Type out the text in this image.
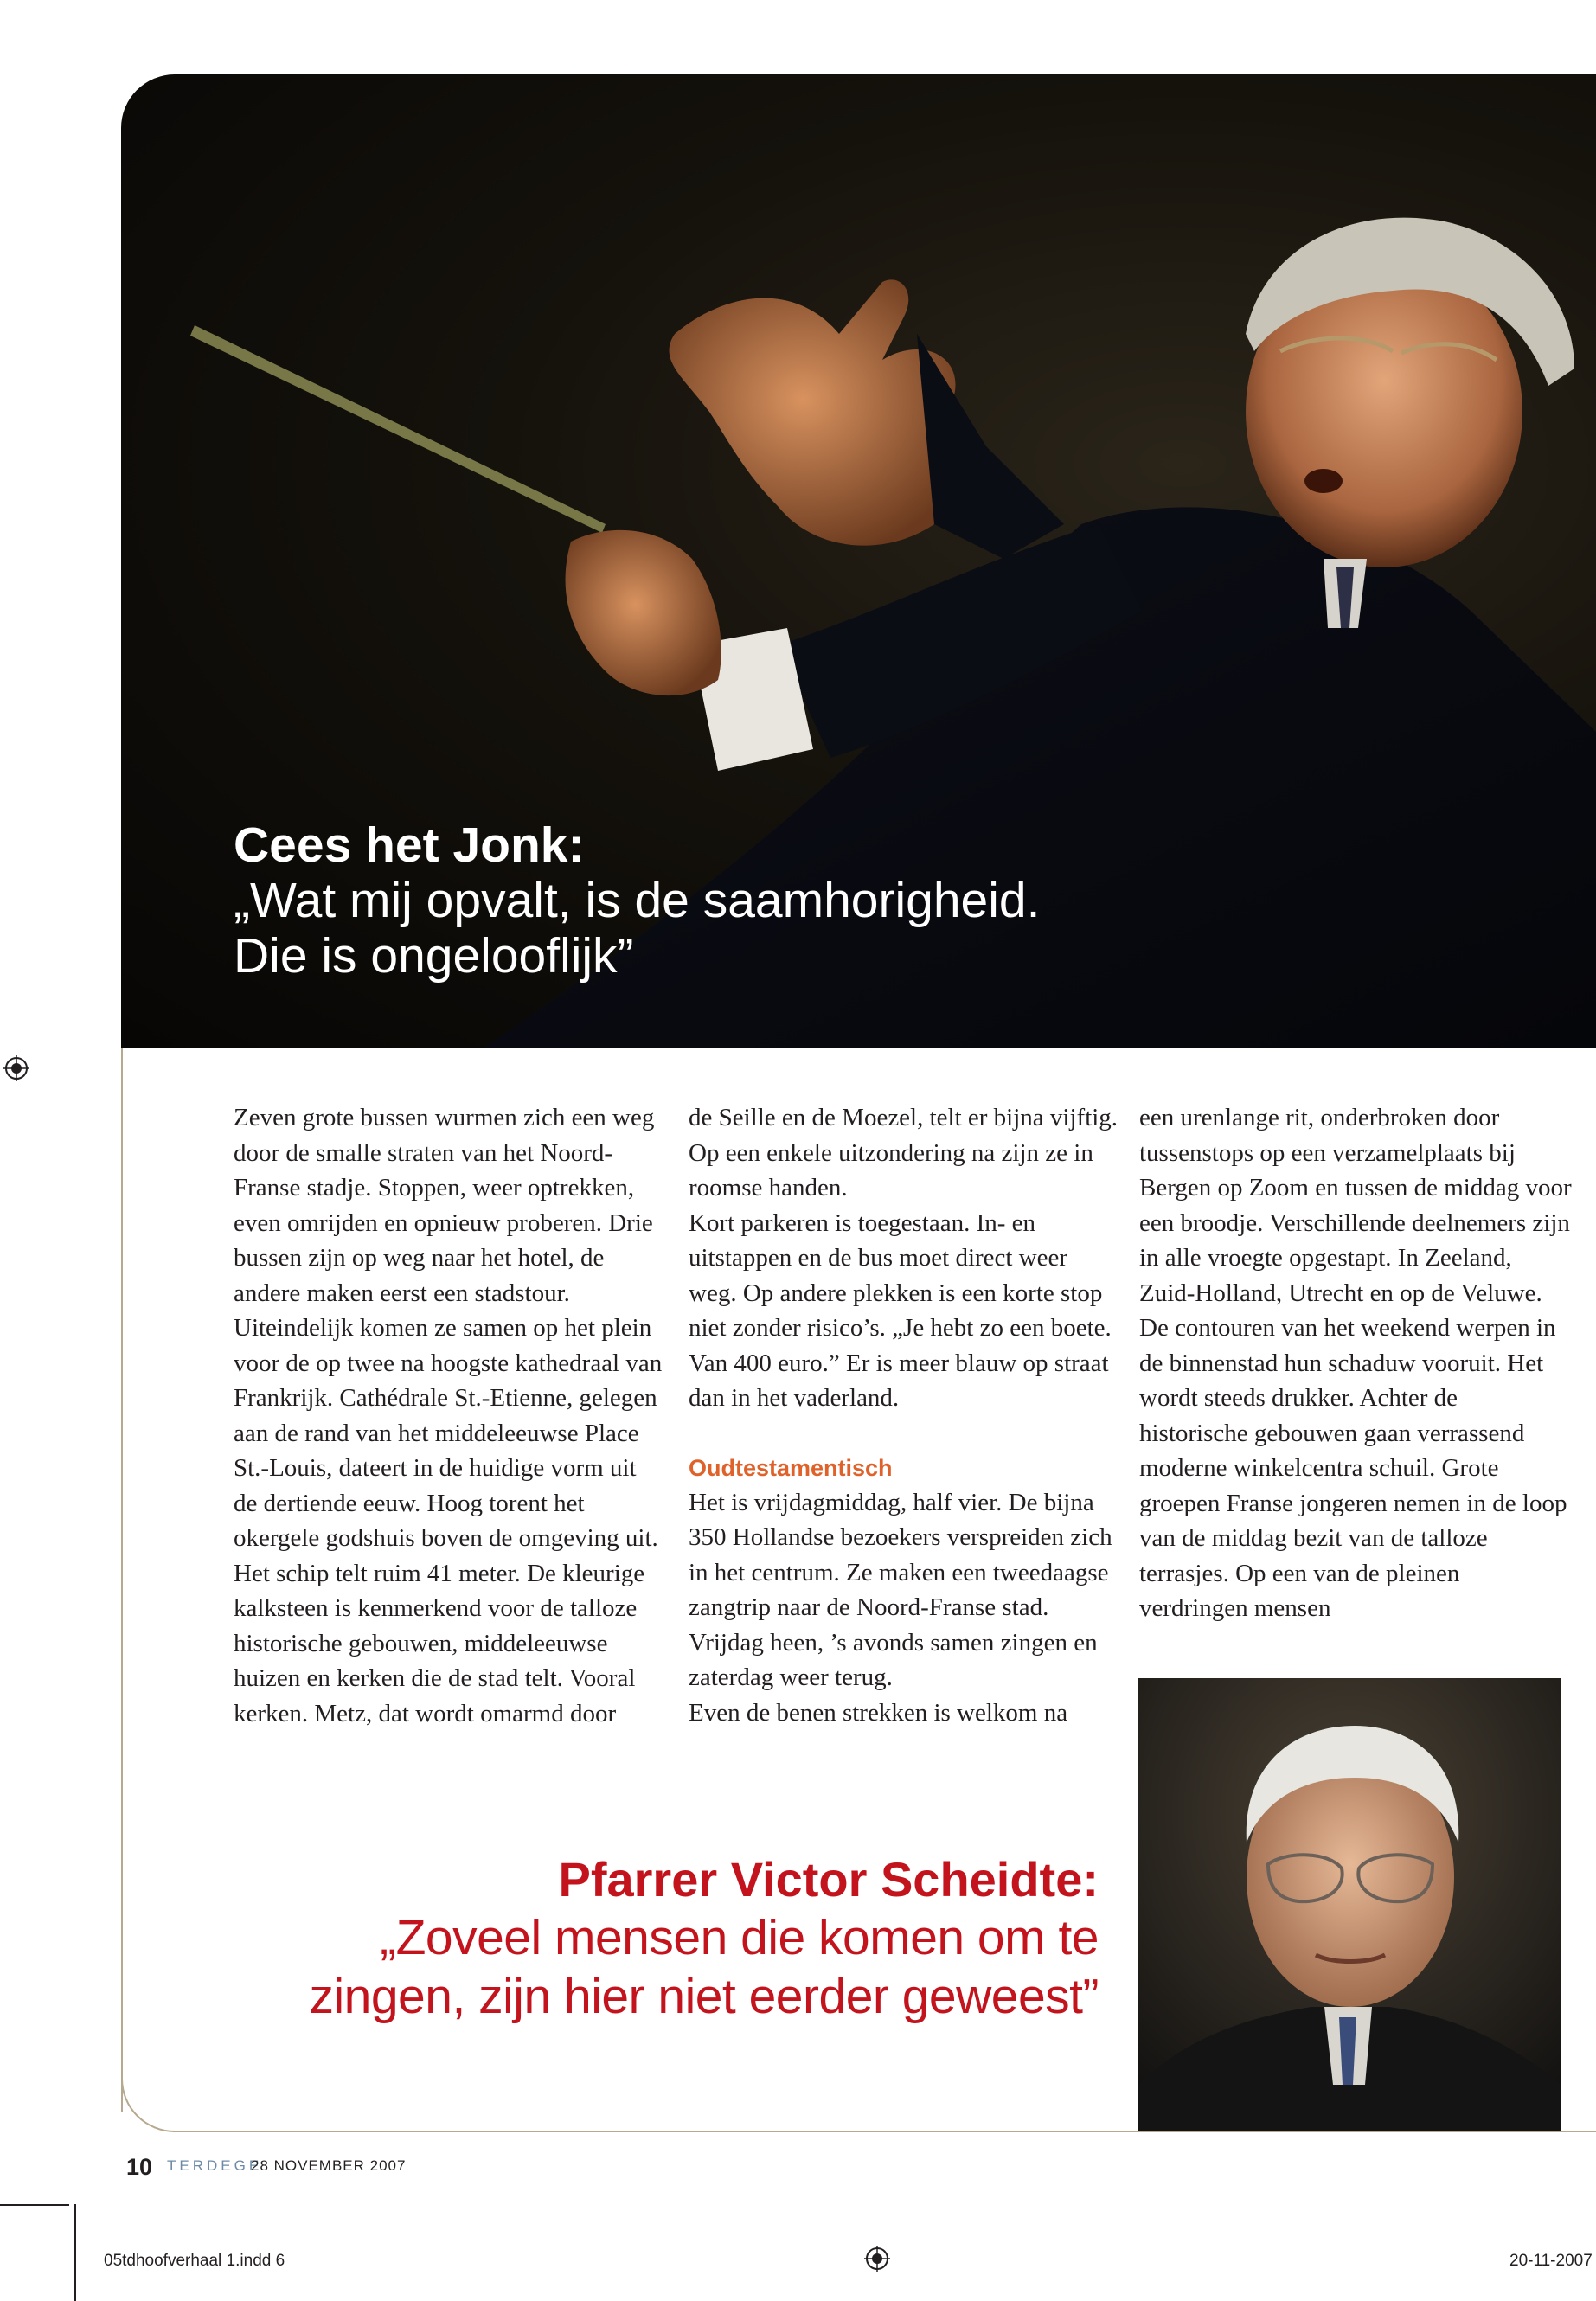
Cees het Jonk:
„Wat mij opvalt, is de saamhorigheid.
Die is ongelooflijk”

Zeven grote bussen wurmen zich een weg door de smalle straten van het Noord-Franse stadje. Stoppen, weer optrekken, even omrijden en opnieuw proberen. Drie bussen zijn op weg naar het hotel, de andere maken eerst een stadstour. Uiteindelijk komen ze samen op het plein voor de op twee na hoogste kathedraal van Frankrijk. Cathédrale St.-Etienne, gelegen aan de rand van het middeleeuwse Place St.-Louis, dateert in de huidige vorm uit de dertiende eeuw. Hoog torent het okergele godshuis boven de omgeving uit. Het schip telt ruim 41 meter. De kleurige kalksteen is kenmerkend voor de talloze historische gebouwen, middeleeuwse huizen en kerken die de stad telt. Vooral kerken. Metz, dat wordt omarmd door

de Seille en de Moezel, telt er bijna vijftig. Op een enkele uitzondering na zijn ze in roomse handen.

Kort parkeren is toegestaan. In- en uitstappen en de bus moet direct weer weg. Op andere plekken is een korte stop niet zonder risico’s. „Je hebt zo een boete. Van 400 euro.” Er is meer blauw op straat dan in het vaderland.

Oudtestamentisch

Het is vrijdagmiddag, half vier. De bijna 350 Hollandse bezoekers verspreiden zich in het centrum. Ze maken een tweedaagse zangtrip naar de Noord-Franse stad. Vrijdag heen, ’s avonds samen zingen en zaterdag weer terug.

Even de benen strekken is welkom na

een urenlange rit, onderbroken door tussenstops op een verzamelplaats bij Bergen op Zoom en tussen de middag voor een broodje. Verschillende deelnemers zijn in alle vroegte opgestapt. In Zeeland, Zuid-Holland, Utrecht en op de Veluwe.

De contouren van het weekend werpen in de binnenstad hun schaduw vooruit. Het wordt steeds drukker. Achter de historische gebouwen gaan verrassend moderne winkelcentra schuil. Grote groepen Franse jongeren nemen in de loop van de middag bezit van de talloze terrasjes. Op een van de pleinen verdringen mensen

Pfarrer Victor Scheidte:
„Zoveel mensen die komen om te
zingen, zijn hier niet eerder geweest”
10 TERDEGE
28 NOVEMBER 2007
05tdhoofverhaal 1.indd 6	20-11-2007
